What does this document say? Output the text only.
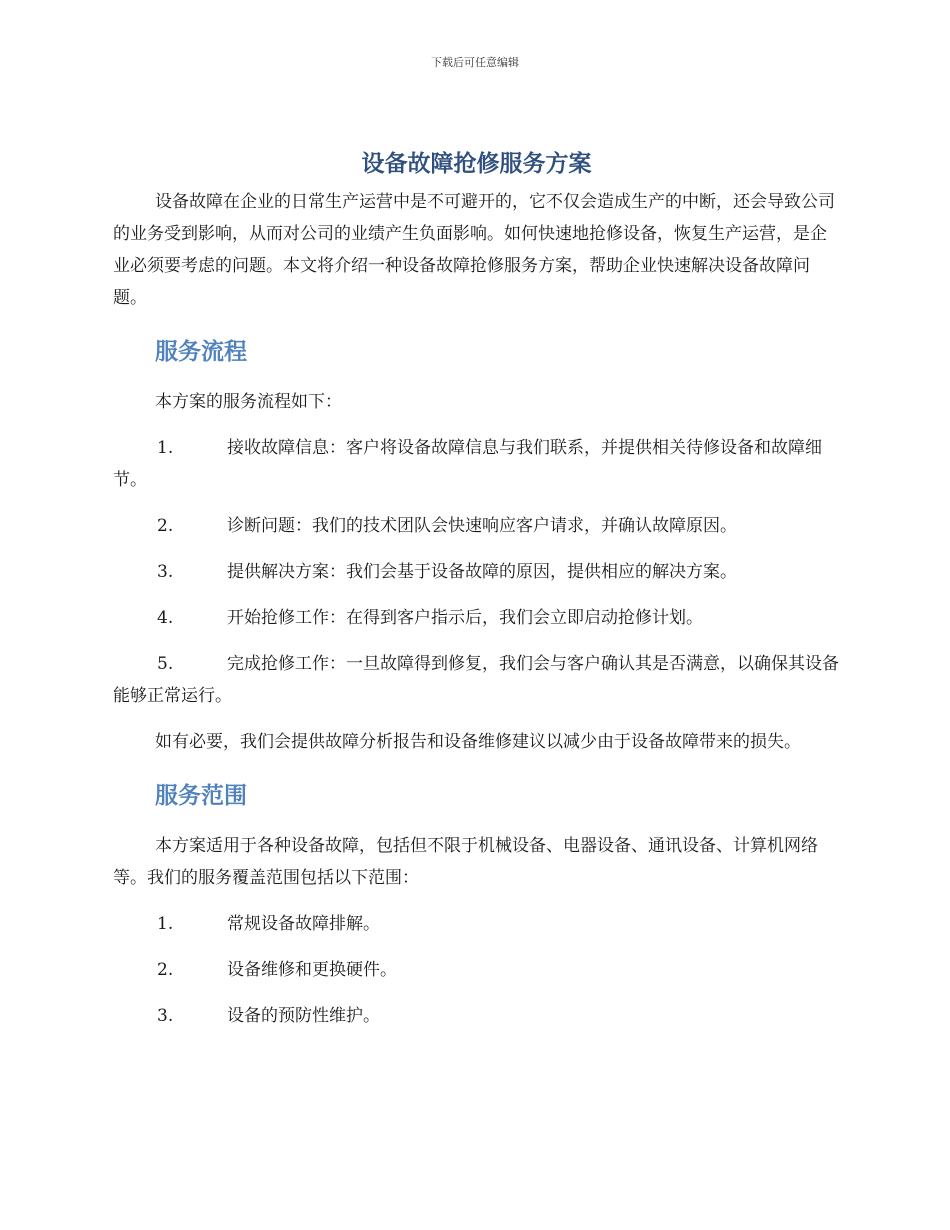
下载后可任意编辑
设备故障抢修服务方案

设备故障在企业的日常生产运营中是不可避开的，它不仅会造成生产的中断，还会导致公司的业务受到影响，从而对公司的业绩产生负面影响。如何快速地抢修设备，恢复生产运营，是企业必须要考虑的问题。本文将介绍一种设备故障抢修服务方案，帮助企业快速解决设备故障问题。

服务流程

本方案的服务流程如下：

1.	接收故障信息：客户将设备故障信息与我们联系，并提供相关待修设备和故障细节。
2.	诊断问题：我们的技术团队会快速响应客户请求，并确认故障原因。
3.	提供解决方案：我们会基于设备故障的原因，提供相应的解决方案。
4.	开始抢修工作：在得到客户指示后，我们会立即启动抢修计划。
5.	完成抢修工作：一旦故障得到修复，我们会与客户确认其是否满意，以确保其设备能够正常运行。

如有必要，我们会提供故障分析报告和设备维修建议以减少由于设备故障带来的损失。

服务范围

本方案适用于各种设备故障，包括但不限于机械设备、电器设备、通讯设备、计算机网络等。我们的服务覆盖范围包括以下范围：

1.	常规设备故障排解。
2.	设备维修和更换硬件。
3.	设备的预防性维护。
